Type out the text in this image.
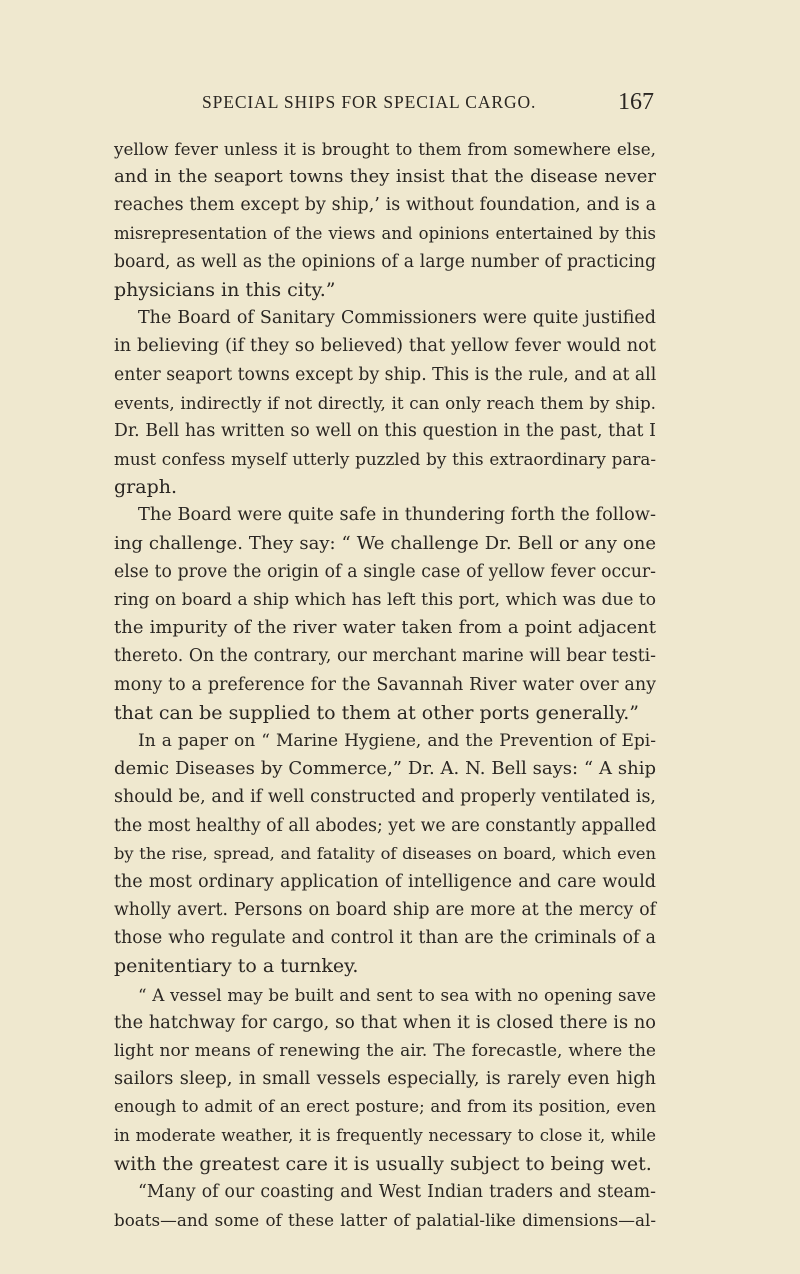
SPECIAL SHIPS FOR SPECIAL CARGO.	167
yellow fever unless it is brought to them from somewhere else,
and in the seaport towns they insist that the disease never
reaches them except by ship,’ is without foundation, and is a
misrepresentation of the views and opinions entertained by this
board, as well as the opinions of a large number of practicing
physicians in this city.”
The Board of Sanitary Commissioners were quite justified
in believing (if they so believed) that yellow fever would not
enter seaport towns except by ship. This is the rule, and at all
events, indirectly if not directly, it can only reach them by ship.
Dr. Bell has written so well on this question in the past, that I
must confess myself utterly puzzled by this extraordinary para-
graph.
The Board were quite safe in thundering forth the follow-
ing challenge. They say: “ We challenge Dr. Bell or any one
else to prove the origin of a single case of yellow fever occur-
ring on board a ship which has left this port, which was due to
the impurity of the river water taken from a point adjacent
thereto. On the contrary, our merchant marine will bear testi-
mony to a preference for the Savannah River water over any
that can be supplied to them at other ports generally.”
In a paper on “ Marine Hygiene, and the Prevention of Epi-
demic Diseases by Commerce,” Dr. A. N. Bell says: “ A ship
should be, and if well constructed and properly ventilated is,
the most healthy of all abodes; yet we are constantly appalled
by the rise, spread, and fatality of diseases on board, which even
the most ordinary application of intelligence and care would
wholly avert. Persons on board ship are more at the mercy of
those who regulate and control it than are the criminals of a
penitentiary to a turnkey.
“ A vessel may be built and sent to sea with no opening save
the hatchway for cargo, so that when it is closed there is no
light nor means of renewing the air. The forecastle, where the
sailors sleep, in small vessels especially, is rarely even high
enough to admit of an erect posture; and from its position, even
in moderate weather, it is frequently necessary to close it, while
with the greatest care it is usually subject to being wet.
“Many of our coasting and West Indian traders and steam-
boats—and some of these latter of palatial-like dimensions—al-
